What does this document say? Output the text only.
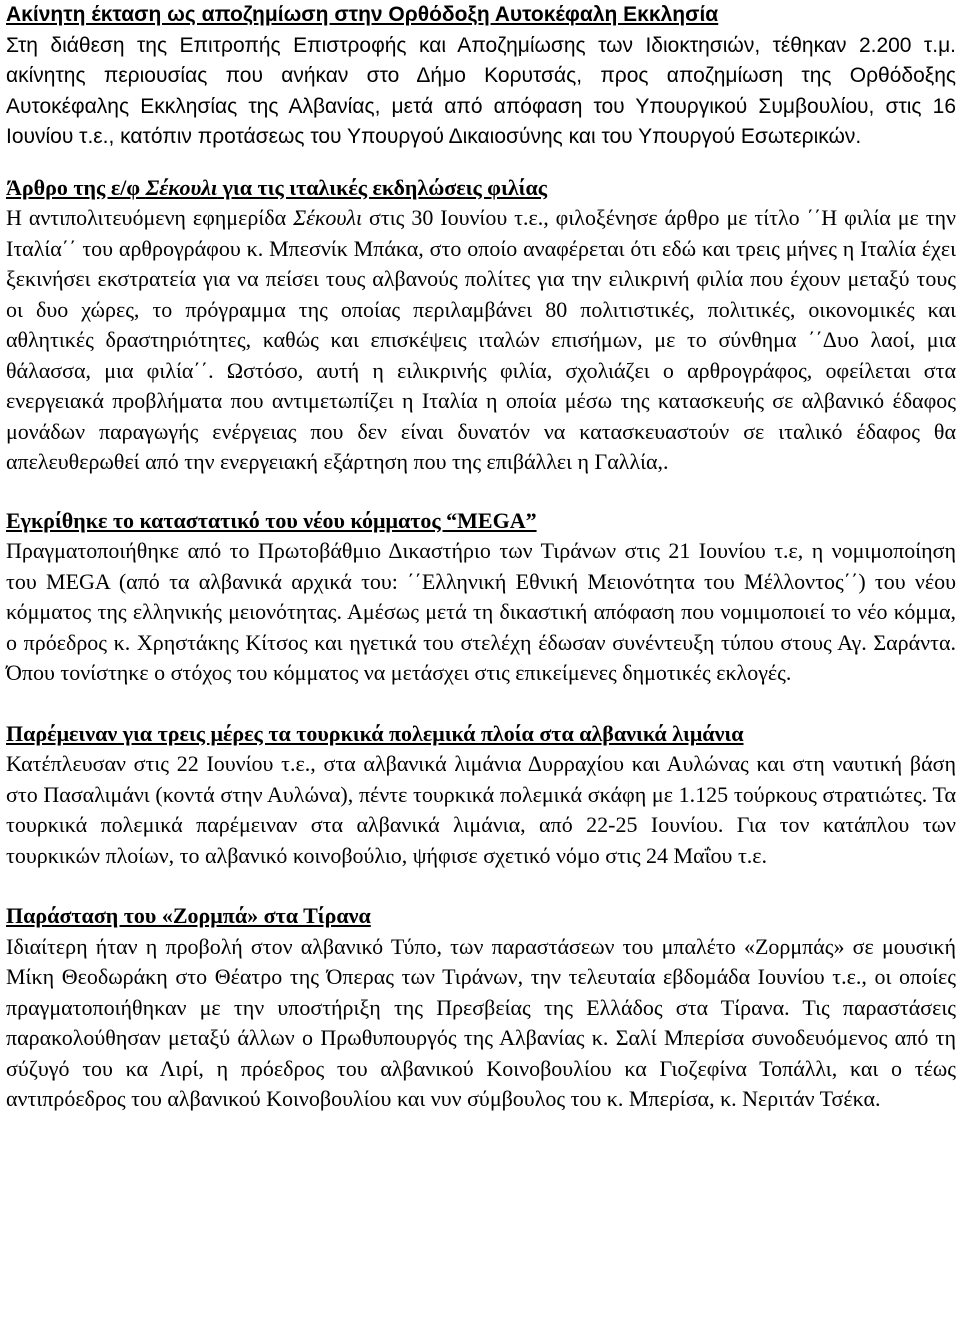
Ακίνητη έκταση ως αποζημίωση στην Ορθόδοξη Αυτοκέφαλη Εκκλησία

Στη διάθεση της Επιτροπής Επιστροφής και Αποζημίωσης των Ιδιοκτησιών, τέθηκαν 2.200 τ.μ. ακίνητης περιουσίας που ανήκαν στο Δήμο Κορυτσάς, προς αποζημίωση της Ορθόδοξης Αυτοκέφαλης Εκκλησίας της Αλβανίας, μετά από απόφαση του Υπουργικού Συμβουλίου, στις 16 Ιουνίου τ.ε., κατόπιν προτάσεως του Υπουργού Δικαιοσύνης και του Υπουργού Εσωτερικών.

Άρθρο της ε/φ Σέκουλι για τις ιταλικές εκδηλώσεις φιλίας

Η αντιπολιτευόμενη εφημερίδα Σέκουλι στις 30 Ιουνίου τ.ε., φιλοξένησε άρθρο με τίτλο ΄΄Η φιλία με την Ιταλία΄΄ του αρθρογράφου κ. Μπεσνίκ Μπάκα, στο οποίο αναφέρεται ότι εδώ και τρεις μήνες η Ιταλία έχει ξεκινήσει εκστρατεία για να πείσει τους αλβανούς πολίτες για την ειλικρινή φιλία που έχουν μεταξύ τους οι δυο χώρες, το πρόγραμμα της οποίας περιλαμβάνει 80 πολιτιστικές, πολιτικές, οικονομικές και αθλητικές δραστηριότητες, καθώς και επισκέψεις ιταλών επισήμων, με το σύνθημα ΄΄Δυο λαοί, μια θάλασσα, μια φιλία΄΄. Ωστόσο, αυτή η ειλικρινής φιλία, σχολιάζει ο αρθρογράφος, οφείλεται στα ενεργειακά προβλήματα που αντιμετωπίζει η Ιταλία η οποία μέσω της κατασκευής σε αλβανικό έδαφος μονάδων παραγωγής ενέργειας που δεν είναι δυνατόν να κατασκευαστούν σε ιταλικό έδαφος θα απελευθερωθεί από την ενεργειακή εξάρτηση που της επιβάλλει η Γαλλία,.

Εγκρίθηκε το καταστατικό του νέου κόμματος “MEGA”

Πραγματοποιήθηκε από το Πρωτοβάθμιο Δικαστήριο των Τιράνων στις 21 Ιουνίου τ.ε, η νομιμοποίηση του MEGA (από τα αλβανικά αρχικά του: ΄΄Ελληνική Εθνική Μειονότητα του Μέλλοντος΄΄) του νέου κόμματος της ελληνικής μειονότητας. Αμέσως μετά τη δικαστική απόφαση που νομιμοποιεί το νέο κόμμα, ο πρόεδρος κ. Χρηστάκης Κίτσος και ηγετικά του στελέχη έδωσαν συνέντευξη τύπου στους Αγ. Σαράντα. Όπου τονίστηκε ο στόχος του κόμματος να μετάσχει στις επικείμενες δημοτικές εκλογές.

Παρέμειναν για τρεις μέρες τα τουρκικά πολεμικά πλοία στα αλβανικά λιμάνια

Κατέπλευσαν στις 22 Ιουνίου τ.ε., στα αλβανικά λιμάνια Δυρραχίου και Αυλώνας και στη ναυτική βάση στο Πασαλιμάνι (κοντά στην Αυλώνα), πέντε τουρκικά πολεμικά σκάφη με 1.125 τούρκους στρατιώτες. Τα τουρκικά πολεμικά παρέμειναν στα αλβανικά λιμάνια, από 22-25 Ιουνίου. Για τον κατάπλου των τουρκικών πλοίων, το αλβανικό κοινοβούλιο, ψήφισε σχετικό νόμο στις 24 Μαΐου τ.ε.

Παράσταση του «Ζορμπά» στα Τίρανα

Ιδιαίτερη ήταν η προβολή στον αλβανικό Τύπο, των παραστάσεων του μπαλέτο «Ζορμπάς» σε μουσική Μίκη Θεοδωράκη στο Θέατρο της Όπερας των Τιράνων, την τελευταία εβδομάδα Ιουνίου τ.ε., οι οποίες πραγματοποιήθηκαν με την υποστήριξη της Πρεσβείας της Ελλάδος στα Τίρανα. Τις παραστάσεις παρακολούθησαν μεταξύ άλλων ο Πρωθυπουργός της Αλβανίας κ. Σαλί Μπερίσα συνοδευόμενος από τη σύζυγό του κα Λιρί, η πρόεδρος του αλβανικού Κοινοβουλίου κα Γιοζεφίνα Τοπάλλι, και ο τέως αντιπρόεδρος του αλβανικού Κοινοβουλίου και νυν σύμβουλος του κ. Μπερίσα, κ. Νεριτάν Τσέκα.
